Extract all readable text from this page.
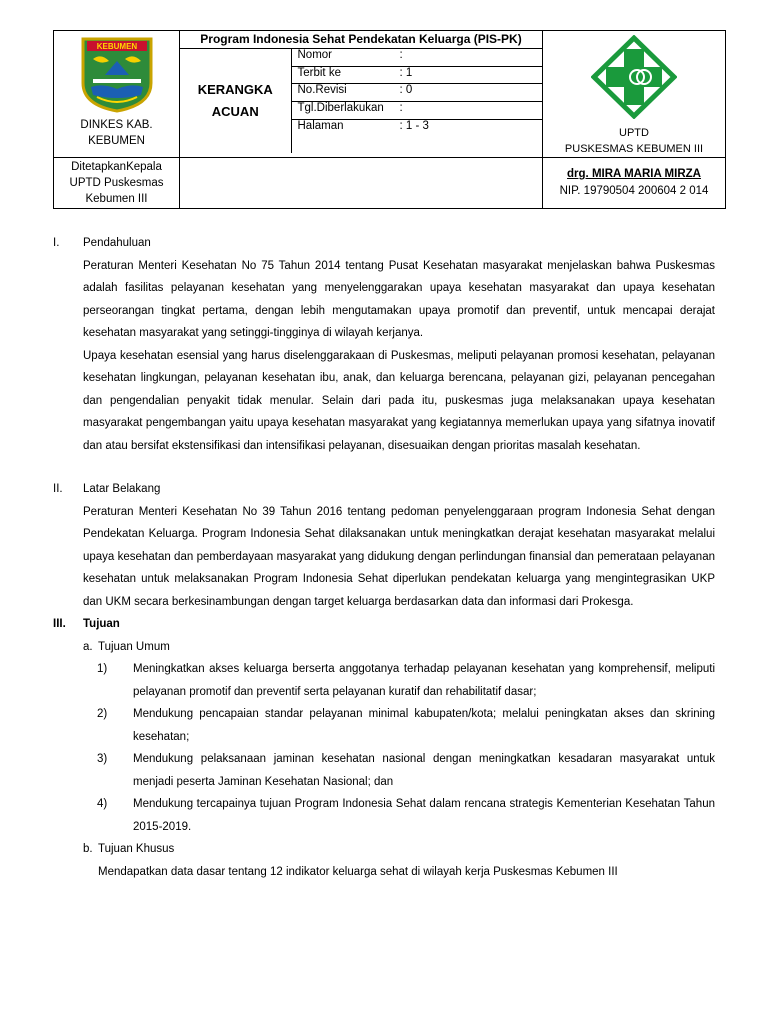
KEBUMEN
DINKES KAB.
KEBUMEN

Program Indonesia Sehat Pendekatan Keluarga (PIS-PK)
KERANGKA
ACUAN
	Nomor	:
Terbit ke	: 1
No.Revisi	: 0
Tgl.Diberlakukan :
Halaman	: 1 - 3

UPTD
PUSKESMAS KEBUMEN III

DitetapkanKepala
UPTD Puskesmas
Kebumen III

drg. MIRA MARIA MIRZA
NIP. 19790504 200604 2 014

I. Pendahuluan

Peraturan Menteri Kesehatan No 75 Tahun 2014 tentang Pusat Kesehatan masyarakat menjelaskan bahwa Puskesmas adalah fasilitas pelayanan kesehatan yang menyelenggarakan upaya kesehatan masyarakat dan upaya kesehatan perseorangan tingkat pertama, dengan lebih mengutamakan upaya promotif dan preventif, untuk mencapai derajat kesehatan masyarakat yang setinggi-tingginya di wilayah kerjanya.

Upaya kesehatan esensial yang harus diselenggarakaan di Puskesmas, meliputi pelayanan promosi kesehatan, pelayanan kesehatan lingkungan, pelayanan kesehatan ibu, anak, dan keluarga berencana, pelayanan gizi, pelayanan pencegahan dan pengendalian penyakit tidak menular. Selain dari pada itu, puskesmas juga melaksanakan upaya kesehatan masyarakat pengembangan yaitu upaya kesehatan masyarakat yang kegiatannya memerlukan upaya yang sifatnya inovatif dan atau bersifat ekstensifikasi dan intensifikasi pelayanan, disesuaikan dengan prioritas masalah kesehatan.

II. Latar Belakang

Peraturan Menteri Kesehatan No 39 Tahun 2016 tentang pedoman penyelenggaraan program Indonesia Sehat dengan Pendekatan Keluarga. Program Indonesia Sehat dilaksanakan untuk meningkatkan derajat kesehatan masyarakat melalui upaya kesehatan dan pemberdayaan masyarakat yang didukung dengan perlindungan finansial dan pemerataan pelayanan kesehatan untuk melaksanakan Program Indonesia Sehat diperlukan pendekatan keluarga yang mengintegrasikan UKP dan UKM secara berkesinambungan dengan target keluarga berdasarkan data dan informasi dari Prokesga.

III. Tujuan

a. Tujuan Umum

1) Meningkatkan akses keluarga berserta anggotanya terhadap pelayanan kesehatan yang komprehensif, meliputi pelayanan promotif dan preventif serta pelayanan kuratif dan rehabilitatif dasar;

2) Mendukung pencapaian standar pelayanan minimal kabupaten/kota; melalui peningkatan akses dan skrining kesehatan;

3) Mendukung pelaksanaan jaminan kesehatan nasional dengan meningkatkan kesadaran masyarakat untuk menjadi peserta Jaminan Kesehatan Nasional; dan

4) Mendukung tercapainya tujuan Program Indonesia Sehat dalam rencana strategis Kementerian Kesehatan Tahun 2015-2019.

b. Tujuan Khusus

Mendapatkan data dasar tentang 12 indikator keluarga sehat di wilayah kerja Puskesmas Kebumen III
